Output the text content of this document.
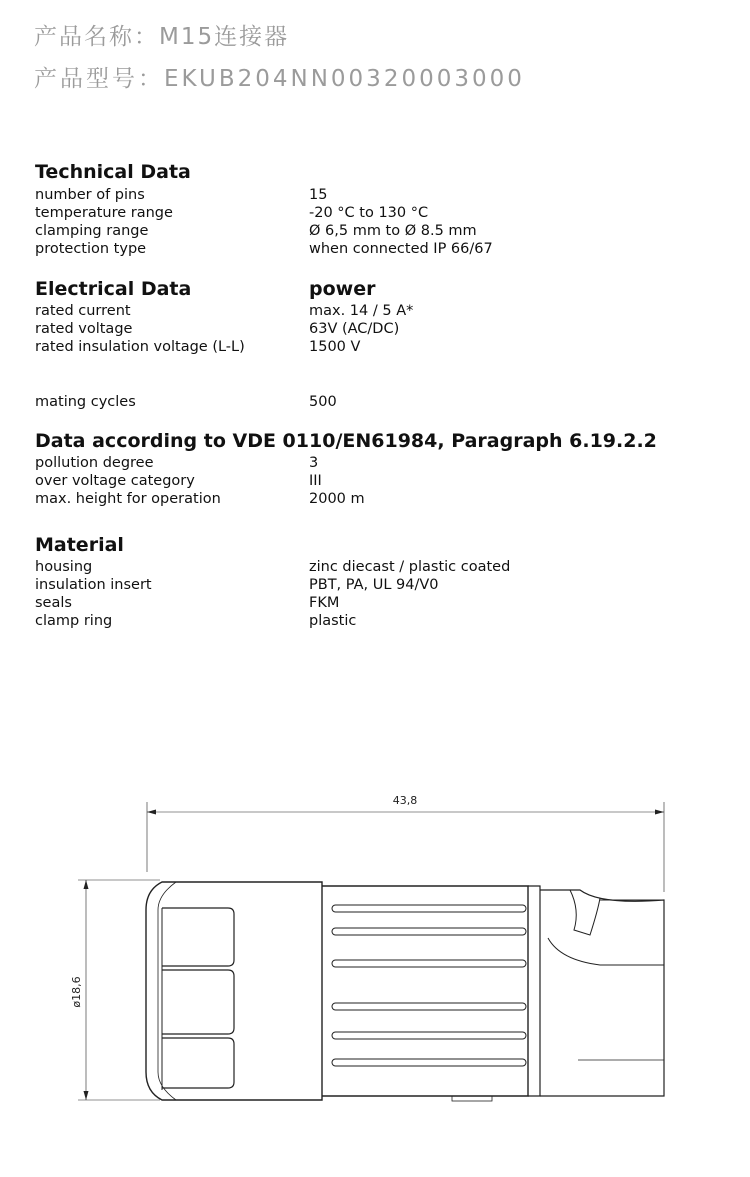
产品名称：M15连接器
产品型号：EKUB204NN00320003000
Technical Data
number of pins	15
temperature range	-20 °C to 130 °C
clamping range	Ø 6,5 mm to Ø 8.5 mm
protection type	when connected IP 66/67
Electrical Data	power
rated current	max. 14 / 5 A*
rated voltage	63V (AC/DC)
rated insulation voltage (L-L)	1500 V
mating cycles	500
Data according to VDE 0110/EN61984, Paragraph 6.19.2.2
pollution degree	3
over voltage category	III
max. height for operation	2000 m
Material
housing	zinc diecast / plastic coated
insulation insert	PBT, PA, UL 94/V0
seals	FKM
clamp ring	plastic
43,8
ø18,6
